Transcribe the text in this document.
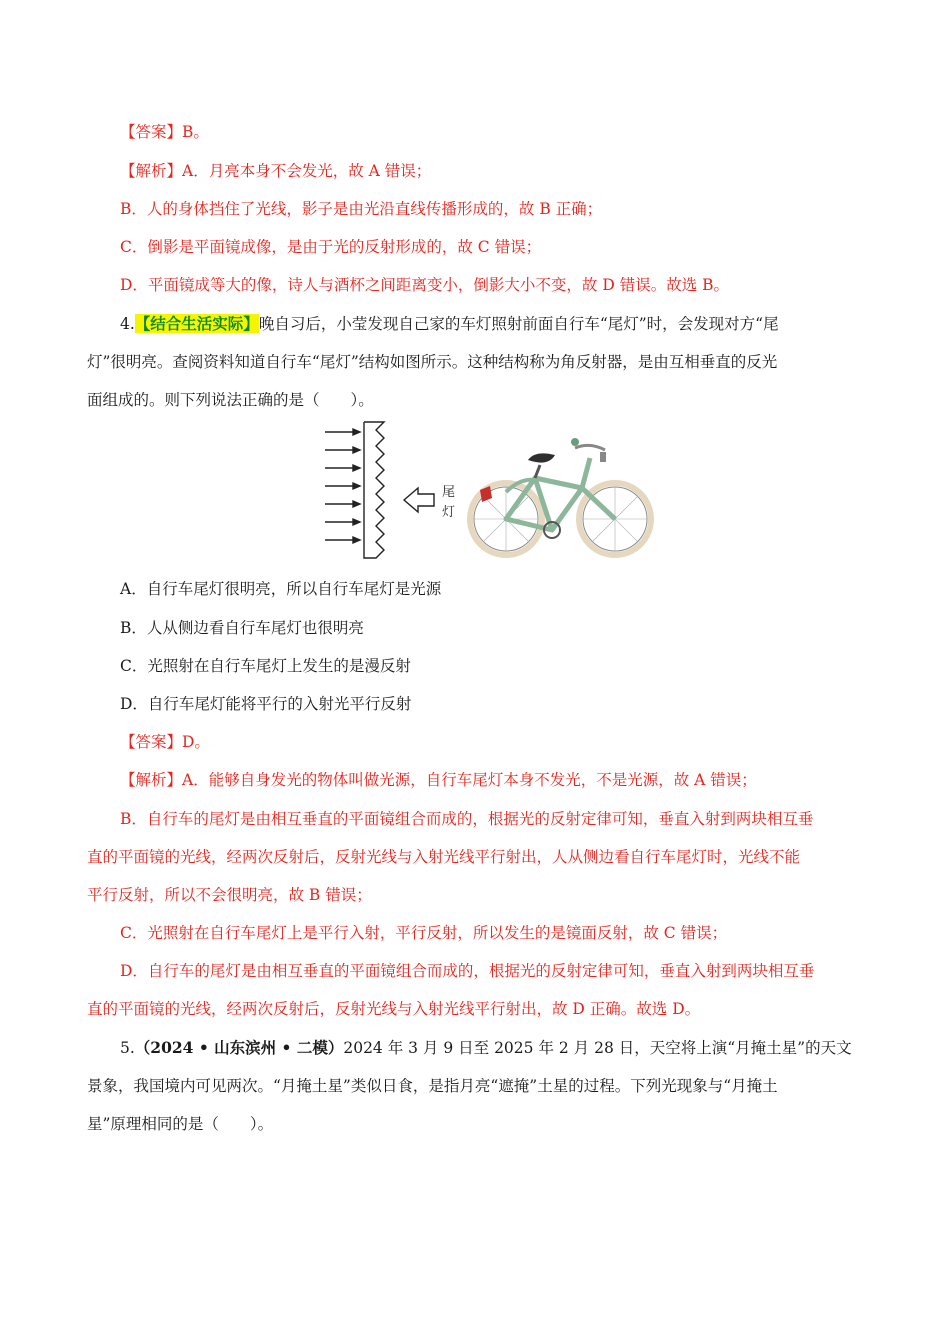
【答案】B。
【解析】A．月亮本身不会发光，故 A 错误；
B．人的身体挡住了光线，影子是由光沿直线传播形成的，故 B 正确；
C．倒影是平面镜成像，是由于光的反射形成的，故 C 错误；
D．平面镜成等大的像，诗人与酒杯之间距离变小，倒影大小不变，故 D 错误。故选 B。
4.【结合生活实际】晚自习后，小莹发现自己家的车灯照射前面自行车“尾灯”时，会发现对方“尾
灯”很明亮。查阅资料知道自行车“尾灯”结构如图所示。这种结构称为角反射器，是由互相垂直的反光
面组成的。则下列说法正确的是（　　）。
尾
灯
A．自行车尾灯很明亮，所以自行车尾灯是光源
B．人从侧边看自行车尾灯也很明亮
C．光照射在自行车尾灯上发生的是漫反射
D．自行车尾灯能将平行的入射光平行反射
【答案】D。
【解析】A．能够自身发光的物体叫做光源，自行车尾灯本身不发光，不是光源，故 A 错误；
B．自行车的尾灯是由相互垂直的平面镜组合而成的，根据光的反射定律可知，垂直入射到两块相互垂
直的平面镜的光线，经两次反射后，反射光线与入射光线平行射出，人从侧边看自行车尾灯时，光线不能
平行反射，所以不会很明亮，故 B 错误；
C．光照射在自行车尾灯上是平行入射，平行反射，所以发生的是镜面反射，故 C 错误；
D．自行车的尾灯是由相互垂直的平面镜组合而成的，根据光的反射定律可知，垂直入射到两块相互垂
直的平面镜的光线，经两次反射后，反射光线与入射光线平行射出，故 D 正确。故选 D。
5.（2024 • 山东滨州 • 二模）2024 年 3 月 9 日至 2025 年 2 月 28 日，天空将上演“月掩土星”的天文
景象，我国境内可见两次。“月掩土星”类似日食，是指月亮“遮掩”土星的过程。下列光现象与“月掩土
星”原理相同的是（　　）。
